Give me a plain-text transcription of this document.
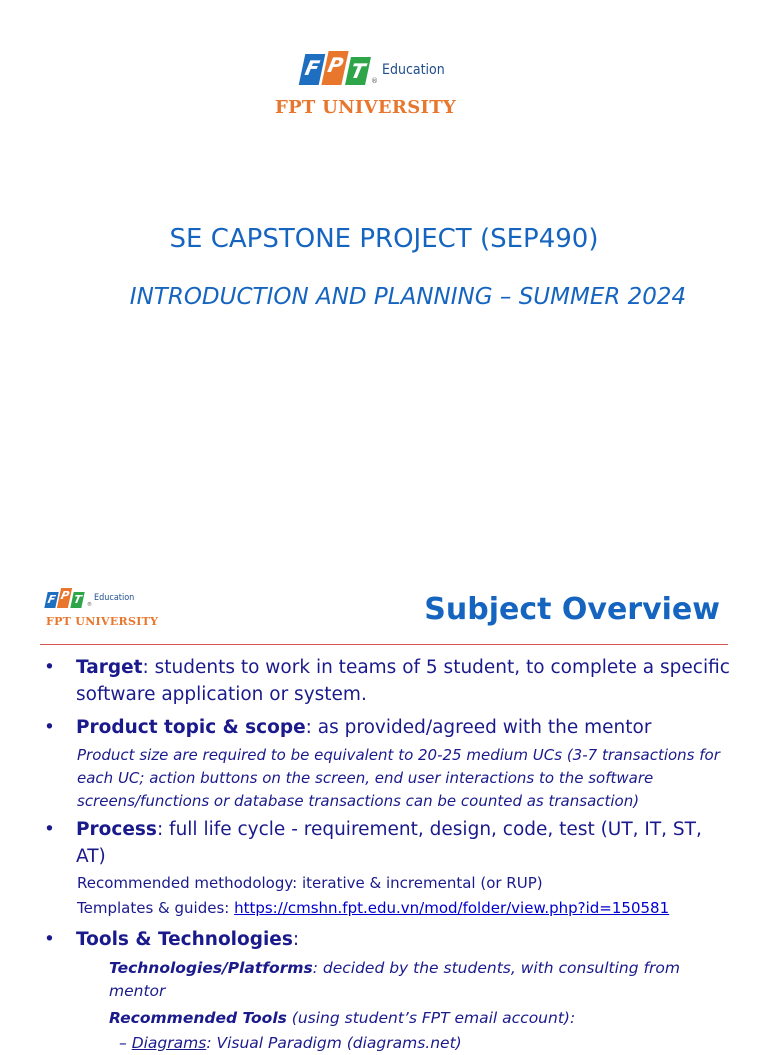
F P T ®
Education
FPT UNIVERSITY
SE CAPSTONE PROJECT (SEP490)
INTRODUCTION AND PLANNING – SUMMER 2024
F P T ®
Education
FPT UNIVERSITY	Subject Overview
• Target: students to work in teams of 5 student, to complete a specific software application or system.
• Product topic & scope: as provided/agreed with the mentor
Product size are required to be equivalent to 20-25 medium UCs (3-7 transactions for each UC; action buttons on the screen, end user interactions to the software screens/functions or database transactions can be counted as transaction)
• Process: full life cycle - requirement, design, code, test (UT, IT, ST, AT)
Recommended methodology: iterative & incremental (or RUP)
Templates & guides: https://cmshn.fpt.edu.vn/mod/folder/view.php?id=150581
• Tools & Technologies:
Technologies/Platforms: decided by the students, with consulting from mentor
Recommended Tools (using student’s FPT email account):
– Diagrams: Visual Paradigm (diagrams.net)
